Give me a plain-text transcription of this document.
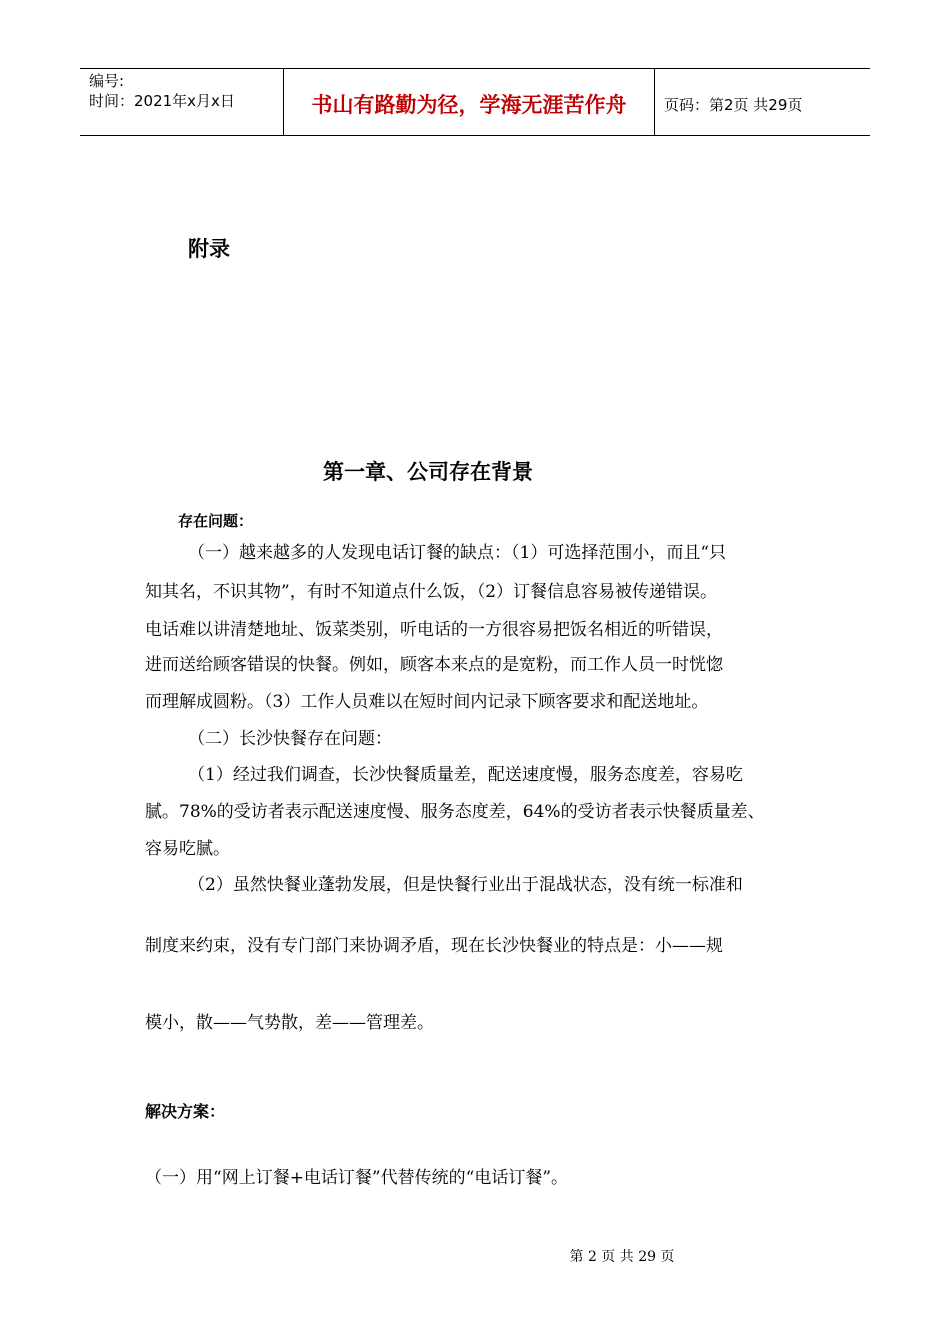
编号:
时间：2021年x月x日	书山有路勤为径，学海无涯苦作舟	页码：第2页 共29页
附录
第一章、公司存在背景
存在问题：
（一）越来越多的人发现电话订餐的缺点：（1）可选择范围小，而且“只
知其名，不识其物”，有时不知道点什么饭，（2）订餐信息容易被传递错误。
电话难以讲清楚地址、饭菜类别，听电话的一方很容易把饭名相近的听错误，
进而送给顾客错误的快餐。例如，顾客本来点的是宽粉，而工作人员一时恍惚
而理解成圆粉。（3）工作人员难以在短时间内记录下顾客要求和配送地址。
（二）长沙快餐存在问题：
（1）经过我们调查，长沙快餐质量差，配送速度慢，服务态度差，容易吃
腻。78%的受访者表示配送速度慢、服务态度差，64%的受访者表示快餐质量差、
容易吃腻。
（2）虽然快餐业蓬勃发展，但是快餐行业出于混战状态，没有统一标准和
制度来约束，没有专门部门来协调矛盾，现在长沙快餐业的特点是：小——规
模小，散——气势散，差——管理差。
解决方案：
（一）用“网上订餐+电话订餐”代替传统的“电话订餐”。
第 2 页 共 29 页
